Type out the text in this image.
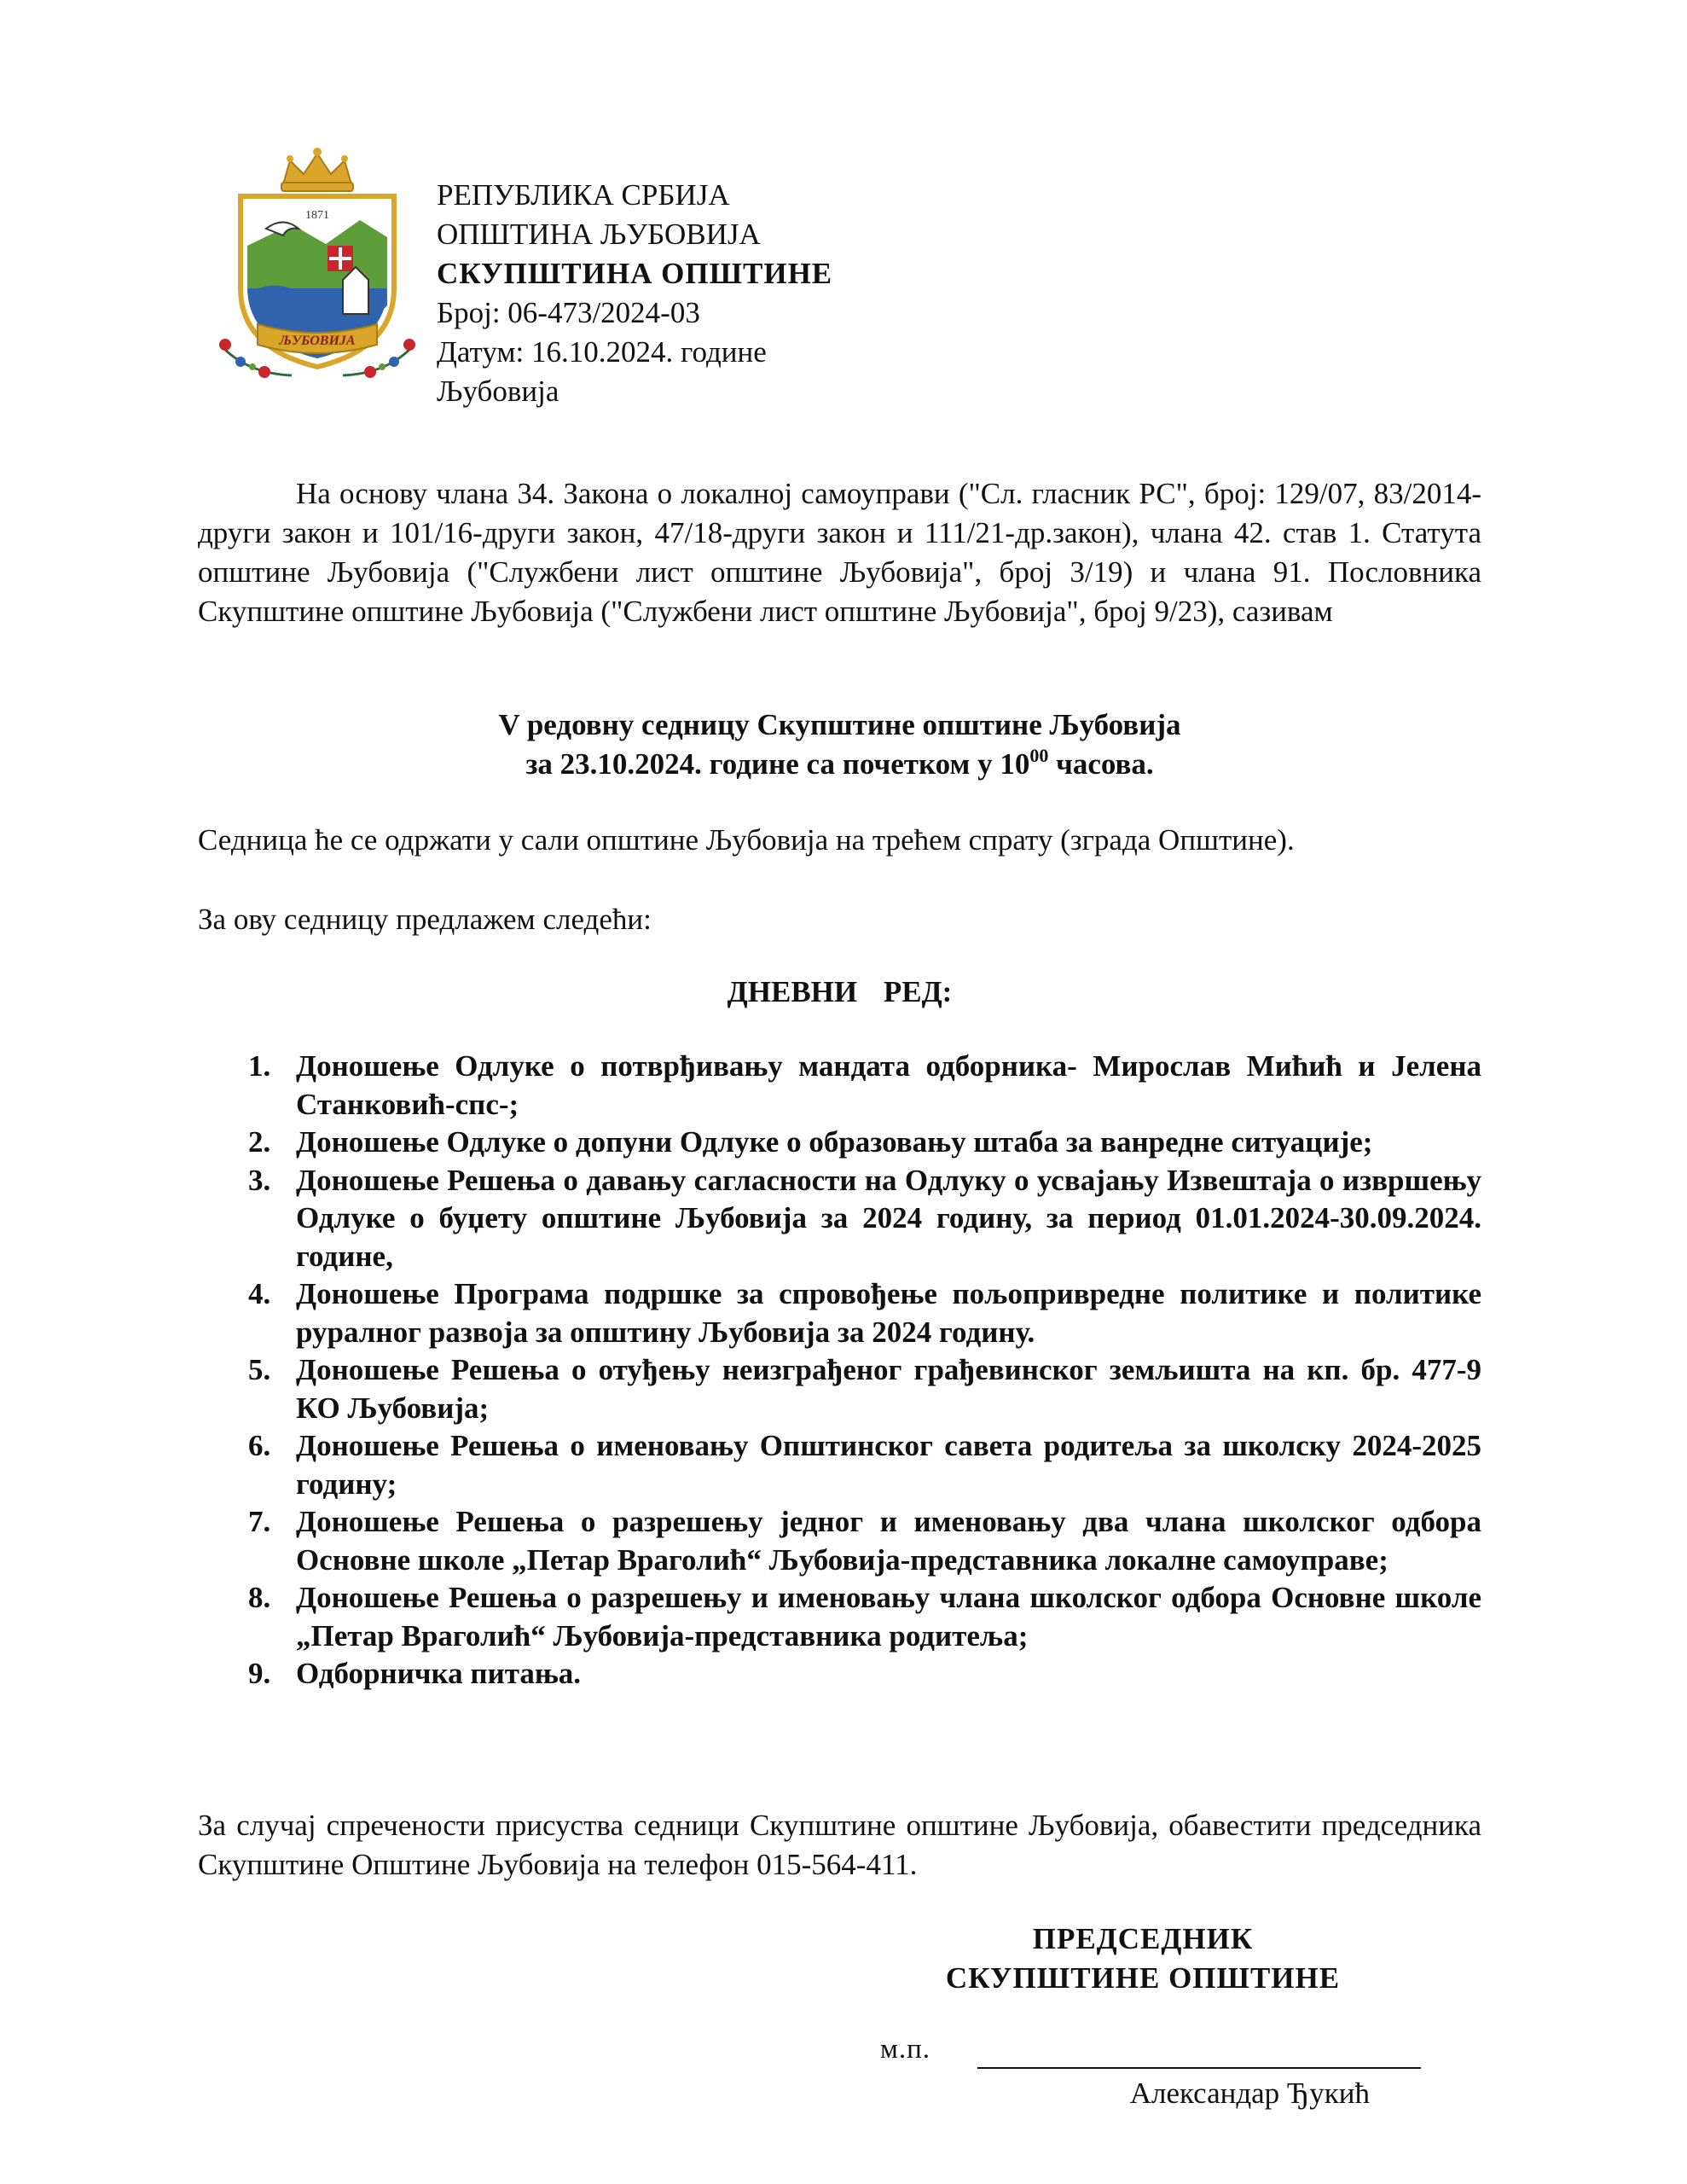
1871
ЉУБОВИЈА
РЕПУБЛИКА СРБИЈА
ОПШТИНА ЉУБОВИЈА
СКУПШТИНА ОПШТИНЕ
Број: 06-473/2024-03
Датум: 16.10.2024. године
Љубовија
На основу члана 34. Закона о локалној самоуправи ("Сл. гласник РС", број: 129/07, 83/2014-други закон и 101/16-други закон, 47/18-други закон и 111/21-др.закон), члана 42. став 1. Статута општине Љубовија ("Службени лист општине Љубовија", број 3/19) и члана 91. Пословника Скупштине општине Љубовија ("Службени лист општине Љубовија", број 9/23), сазивам
V редовну седницу Скупштине општине Љубовија
за 23.10.2024. године са почетком у $10^{00}$ часова.
Седница ће се одржати у сали општине Љубовија на трећем спрату (зграда Општине).
За ову седницу предлажем следећи:
ДНЕВНИ РЕД:
1. Доношење Одлуке о потврђивању мандата одборника- Мирослав Мићић и Јелена Станковић-спс-;
2. Доношење Одлуке о допуни Одлуке о образовању штаба за ванредне ситуације;
3. Доношење Решења о давању сагласности на Одлуку о усвајању Извештаја о извршењу Одлуке о буџету општине Љубовија за 2024 годину, за период 01.01.2024-30.09.2024. године,
4. Доношење Програма подршке за спровођење пољопривредне политике и политике руралног развоја за општину Љубовија за 2024 годину.
5. Доношење Решења о отуђењу неизграђеног грађевинског земљишта на кп. бр. 477-9 КО Љубовија;
6. Доношење Решења о именовању Општинског савета родитеља за школску 2024-2025 годину;
7. Доношење Решења о разрешењу једног и именовању два члана школског одбора Основне школе „Петар Враголић“ Љубовија-представника локалне самоуправе;
8. Доношење Решења о разрешењу и именовању члана школског одбора Основне школе „Петар Враголић“ Љубовија-представника родитеља;
9. Одборничка питања.
За случај спречености присуства седници Скупштине општине Љубовија, обавестити председника Скупштине Општине Љубовија на телефон 015-564-411.
ПРЕДСЕДНИК
СКУПШТИНЕ ОПШТИНЕ
м.п.
Александар Ђукић
